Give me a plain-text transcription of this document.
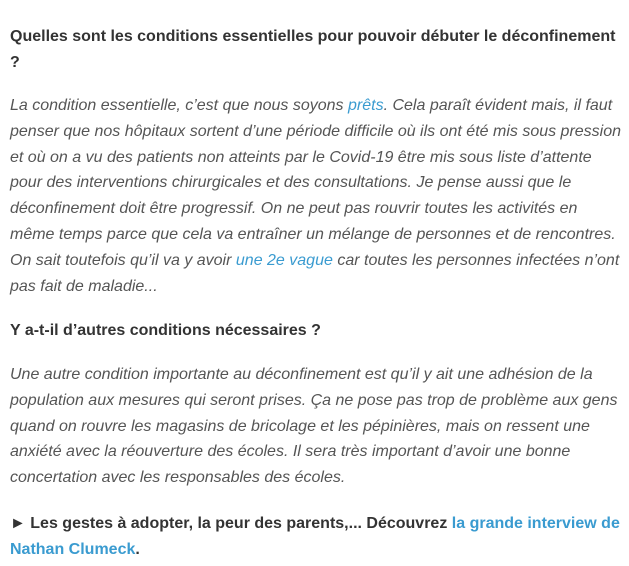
Quelles sont les conditions essentielles pour pouvoir débuter le déconfinement ?

La condition essentielle, c’est que nous soyons prêts. Cela paraît évident mais, il faut penser que nos hôpitaux sortent d’une période difficile où ils ont été mis sous pression et où on a vu des patients non atteints par le Covid-19 être mis sous liste d’attente pour des interventions chirurgicales et des consultations. Je pense aussi que le déconfinement doit être progressif. On ne peut pas rouvrir toutes les activités en même temps parce que cela va entraîner un mélange de personnes et de rencontres. On sait toutefois qu’il va y avoir une 2e vague car toutes les personnes infectées n’ont pas fait de maladie...

Y a-t-il d’autres conditions nécessaires ?

Une autre condition importante au déconfinement est qu’il y ait une adhésion de la population aux mesures qui seront prises. Ça ne pose pas trop de problème aux gens quand on rouvre les magasins de bricolage et les pépinières, mais on ressent une anxiété avec la réouverture des écoles. Il sera très important d’avoir une bonne concertation avec les responsables des écoles.

► Les gestes à adopter, la peur des parents,... Découvrez la grande interview de Nathan Clumeck.
